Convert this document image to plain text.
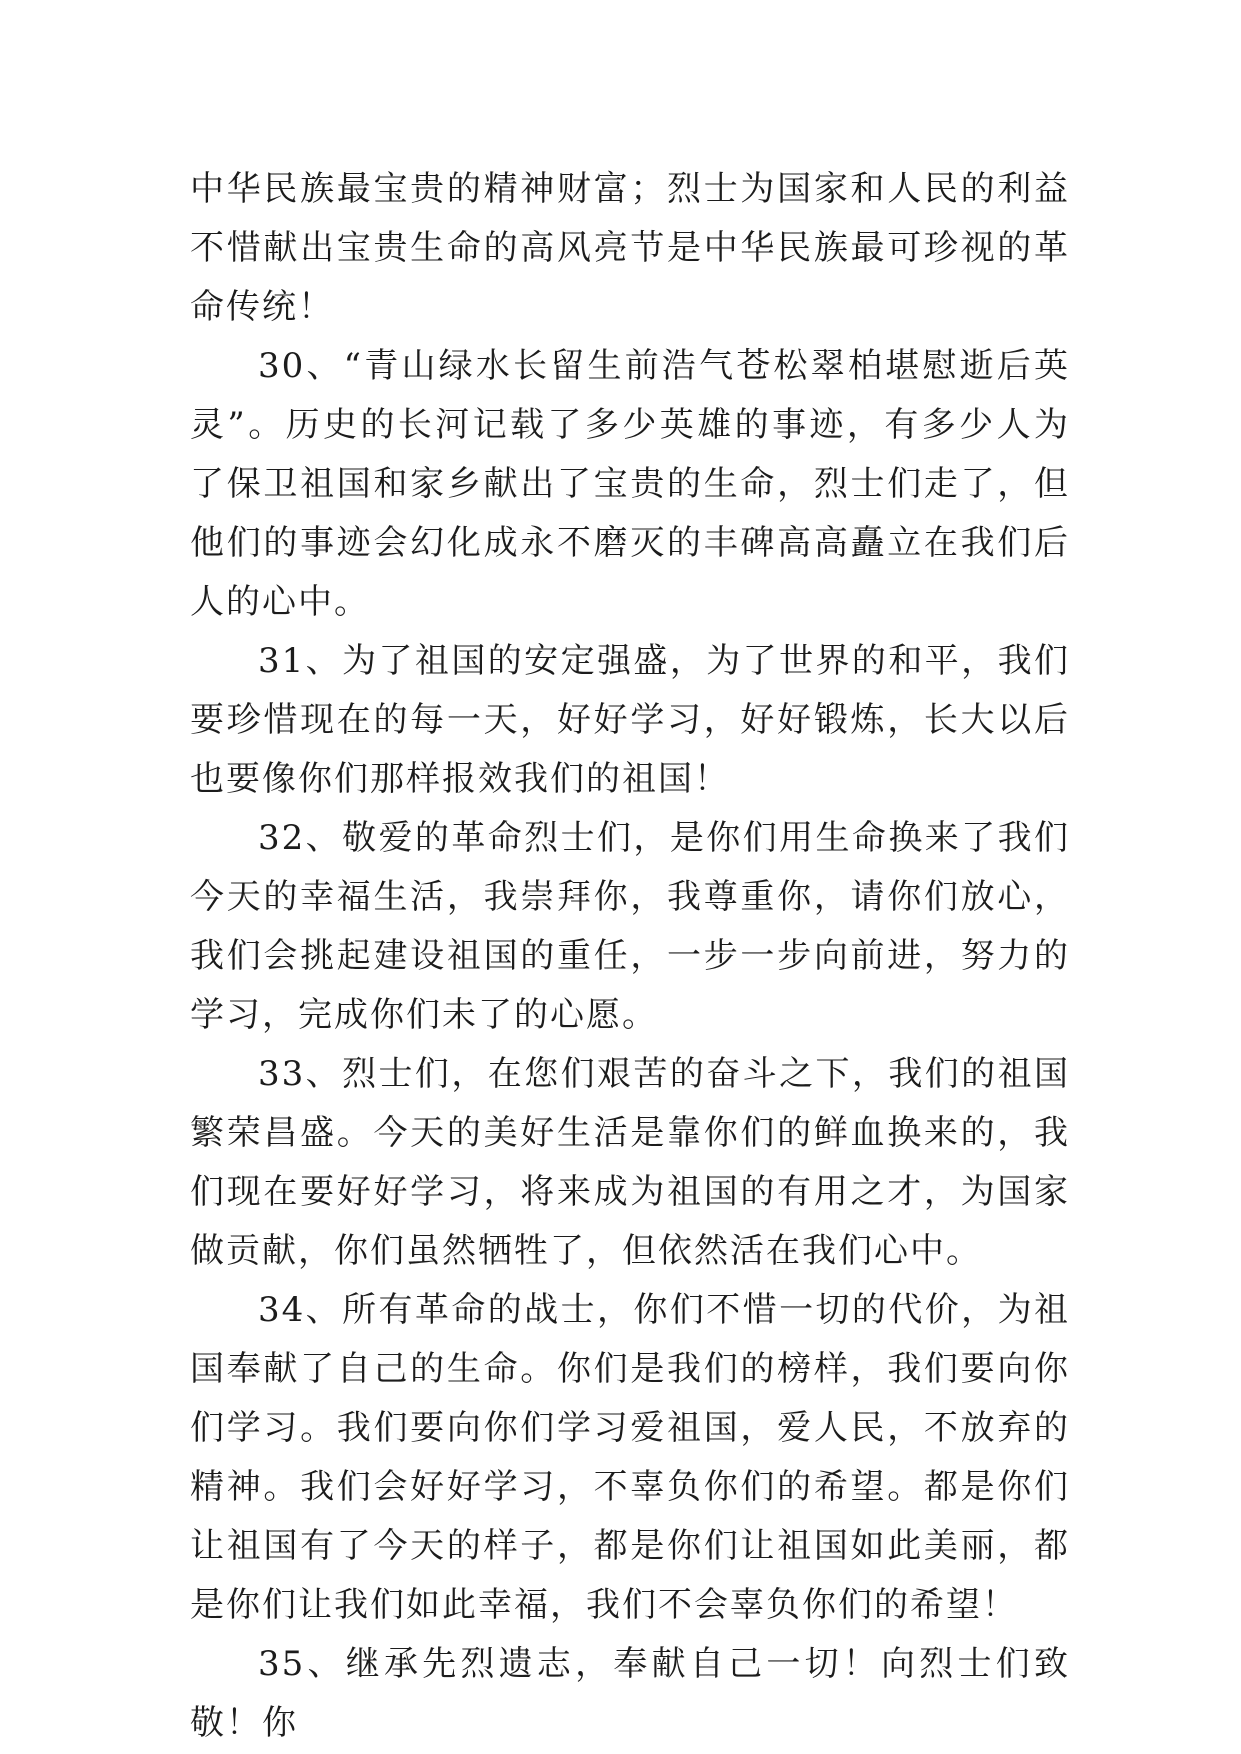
中华民族最宝贵的精神财富；烈士为国家和人民的利益不惜献出宝贵生命的高风亮节是中华民族最可珍视的革命传统！

30、“青山绿水长留生前浩气苍松翠柏堪慰逝后英灵”。历史的长河记载了多少英雄的事迹，有多少人为了保卫祖国和家乡献出了宝贵的生命，烈士们走了，但他们的事迹会幻化成永不磨灭的丰碑高高矗立在我们后人的心中。

31、为了祖国的安定强盛，为了世界的和平，我们要珍惜现在的每一天，好好学习，好好锻炼，长大以后也要像你们那样报效我们的祖国！

32、敬爱的革命烈士们，是你们用生命换来了我们今天的幸福生活，我崇拜你，我尊重你，请你们放心，我们会挑起建设祖国的重任，一步一步向前进，努力的学习，完成你们未了的心愿。

33、烈士们，在您们艰苦的奋斗之下，我们的祖国繁荣昌盛。今天的美好生活是靠你们的鲜血换来的，我们现在要好好学习，将来成为祖国的有用之才，为国家做贡献，你们虽然牺牲了，但依然活在我们心中。

34、所有革命的战士，你们不惜一切的代价，为祖国奉献了自己的生命。你们是我们的榜样，我们要向你们学习。我们要向你们学习爱祖国，爱人民，不放弃的精神。我们会好好学习，不辜负你们的希望。都是你们让祖国有了今天的样子，都是你们让祖国如此美丽，都是你们让我们如此幸福，我们不会辜负你们的希望！

35、继承先烈遗志，奉献自己一切！向烈士们致敬！你
